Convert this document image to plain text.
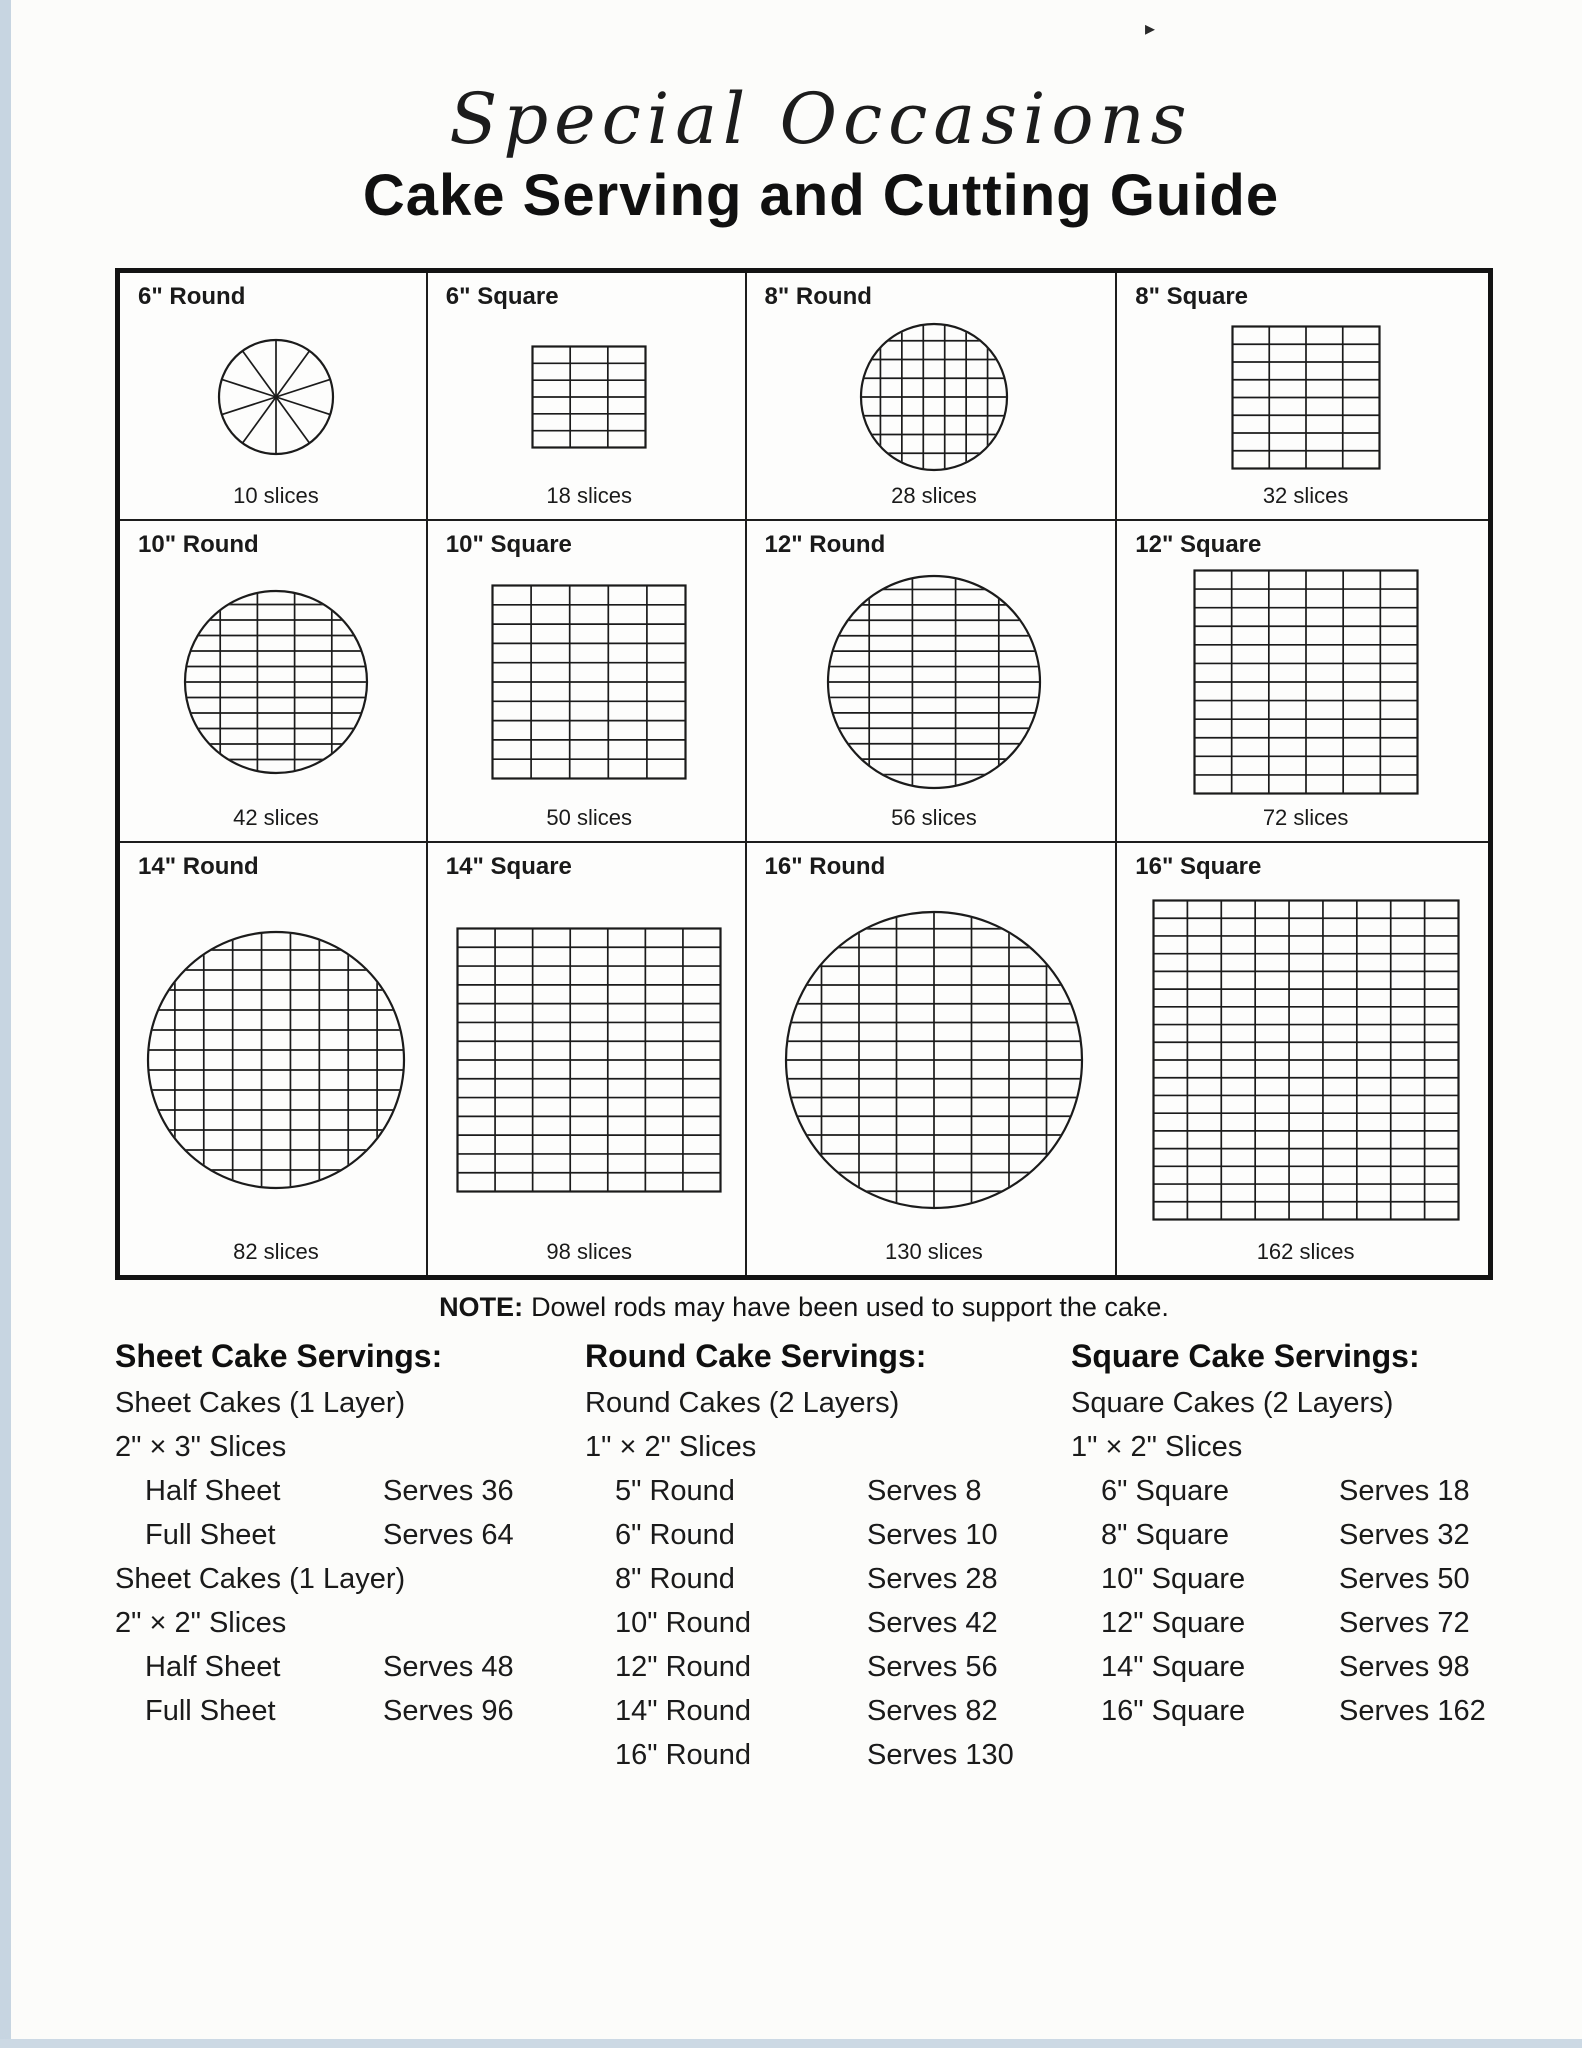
▸
Special Occasions
Cake Serving and Cutting Guide
6" Round
10 slices
6" Square
18 slices
8" Round
28 slices
8" Square
32 slices
10" Round
42 slices
10" Square
50 slices
12" Round
56 slices
12" Square
72 slices
14" Round
82 slices
14" Square
98 slices
16" Round
130 slices
16" Square
162 slices

NOTE: Dowel rods may have been used to support the cake.

Sheet Cake Servings:
Sheet Cakes (1 Layer)
2" × 3" Slices
Half Sheet	Serves 36
Full Sheet	Serves 64
Sheet Cakes (1 Layer)
2" × 2" Slices
Half Sheet	Serves 48
Full Sheet	Serves 96
Round Cake Servings:
Round Cakes (2 Layers)
1" × 2" Slices
5" Round	Serves 8
6" Round	Serves 10
8" Round	Serves 28
10" Round	Serves 42
12" Round	Serves 56
14" Round	Serves 82
16" Round	Serves 130
Square Cake Servings:
Square Cakes (2 Layers)
1" × 2" Slices
6" Square	Serves 18
8" Square	Serves 32
10" Square	Serves 50
12" Square	Serves 72
14" Square	Serves 98
16" Square	Serves 162
